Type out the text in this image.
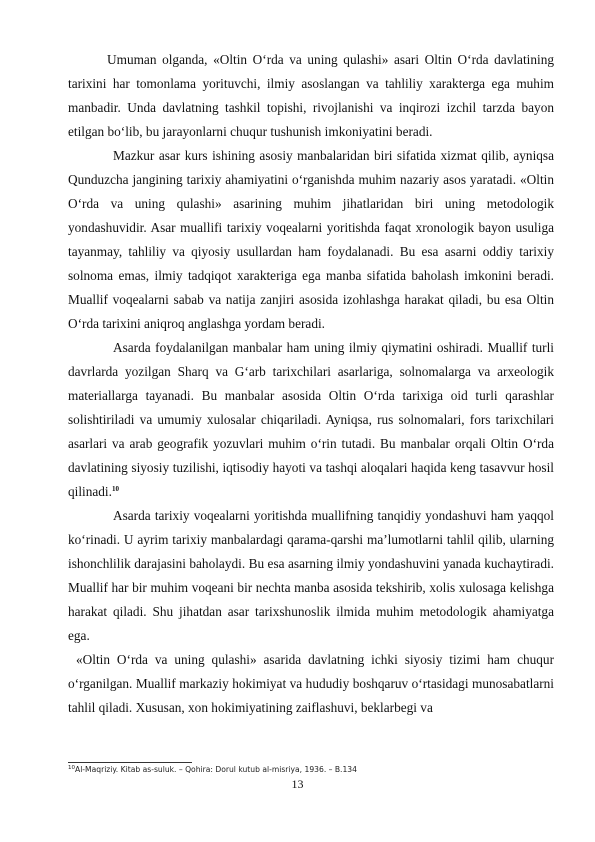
Umuman olganda, «Oltin O‘rda va uning qulashi» asari Oltin O‘rda davlatining tarixini har tomonlama yorituvchi, ilmiy asoslangan va tahliliy xarakterga ega muhim manbadir. Unda davlatning tashkil topishi, rivojlanishi va inqirozi izchil tarzda bayon etilgan bo‘lib, bu jarayonlarni chuqur tushunish imkoniyatini beradi.

Mazkur asar kurs ishining asosiy manbalaridan biri sifatida xizmat qilib, ayniqsa Qunduzcha jangining tarixiy ahamiyatini o‘rganishda muhim nazariy asos yaratadi. «Oltin O‘rda va uning qulashi» asarining muhim jihatlaridan biri uning metodologik yondashuvidir. Asar muallifi tarixiy voqealarni yoritishda faqat xronologik bayon usuliga tayanmay, tahliliy va qiyosiy usullardan ham foydalanadi. Bu esa asarni oddiy tarixiy solnoma emas, ilmiy tadqiqot xarakteriga ega manba sifatida baholash imkonini beradi. Muallif voqealarni sabab va natija zanjiri asosida izohlashga harakat qiladi, bu esa Oltin O‘rda tarixini aniqroq anglashga yordam beradi.

Asarda foydalanilgan manbalar ham uning ilmiy qiymatini oshiradi. Muallif turli davrlarda yozilgan Sharq va G‘arb tarixchilari asarlariga, solnomalarga va arxeologik materiallarga tayanadi. Bu manbalar asosida Oltin O‘rda tarixiga oid turli qarashlar solishtiriladi va umumiy xulosalar chiqariladi. Ayniqsa, rus solnomalari, fors tarixchilari asarlari va arab geografik yozuvlari muhim o‘rin tutadi. Bu manbalar orqali Oltin O‘rda davlatining siyosiy tuzilishi, iqtisodiy hayoti va tashqi aloqalari haqida keng tasavvur hosil qilinadi.$^{10}$

Asarda tarixiy voqealarni yoritishda muallifning tanqidiy yondashuvi ham yaqqol ko‘rinadi. U ayrim tarixiy manbalardagi qarama-qarshi ma’lumotlarni tahlil qilib, ularning ishonchlilik darajasini baholaydi. Bu esa asarning ilmiy yondashuvini yanada kuchaytiradi. Muallif har bir muhim voqeani bir nechta manba asosida tekshirib, xolis xulosaga kelishga harakat qiladi. Shu jihatdan asar tarixshunoslik ilmida muhim metodologik ahamiyatga ega.

«Oltin O‘rda va uning qulashi» asarida davlatning ichki siyosiy tizimi ham chuqur o‘rganilgan. Muallif markaziy hokimiyat va hududiy boshqaruv o‘rtasidagi munosabatlarni tahlil qiladi. Xususan, xon hokimiyatining zaiflashuvi, beklarbegi va

$^{10}$Al-Maqriziy. Kitab as-suluk. – Qohira: Dorul kutub al-misriya, 1936. – B.134
13
